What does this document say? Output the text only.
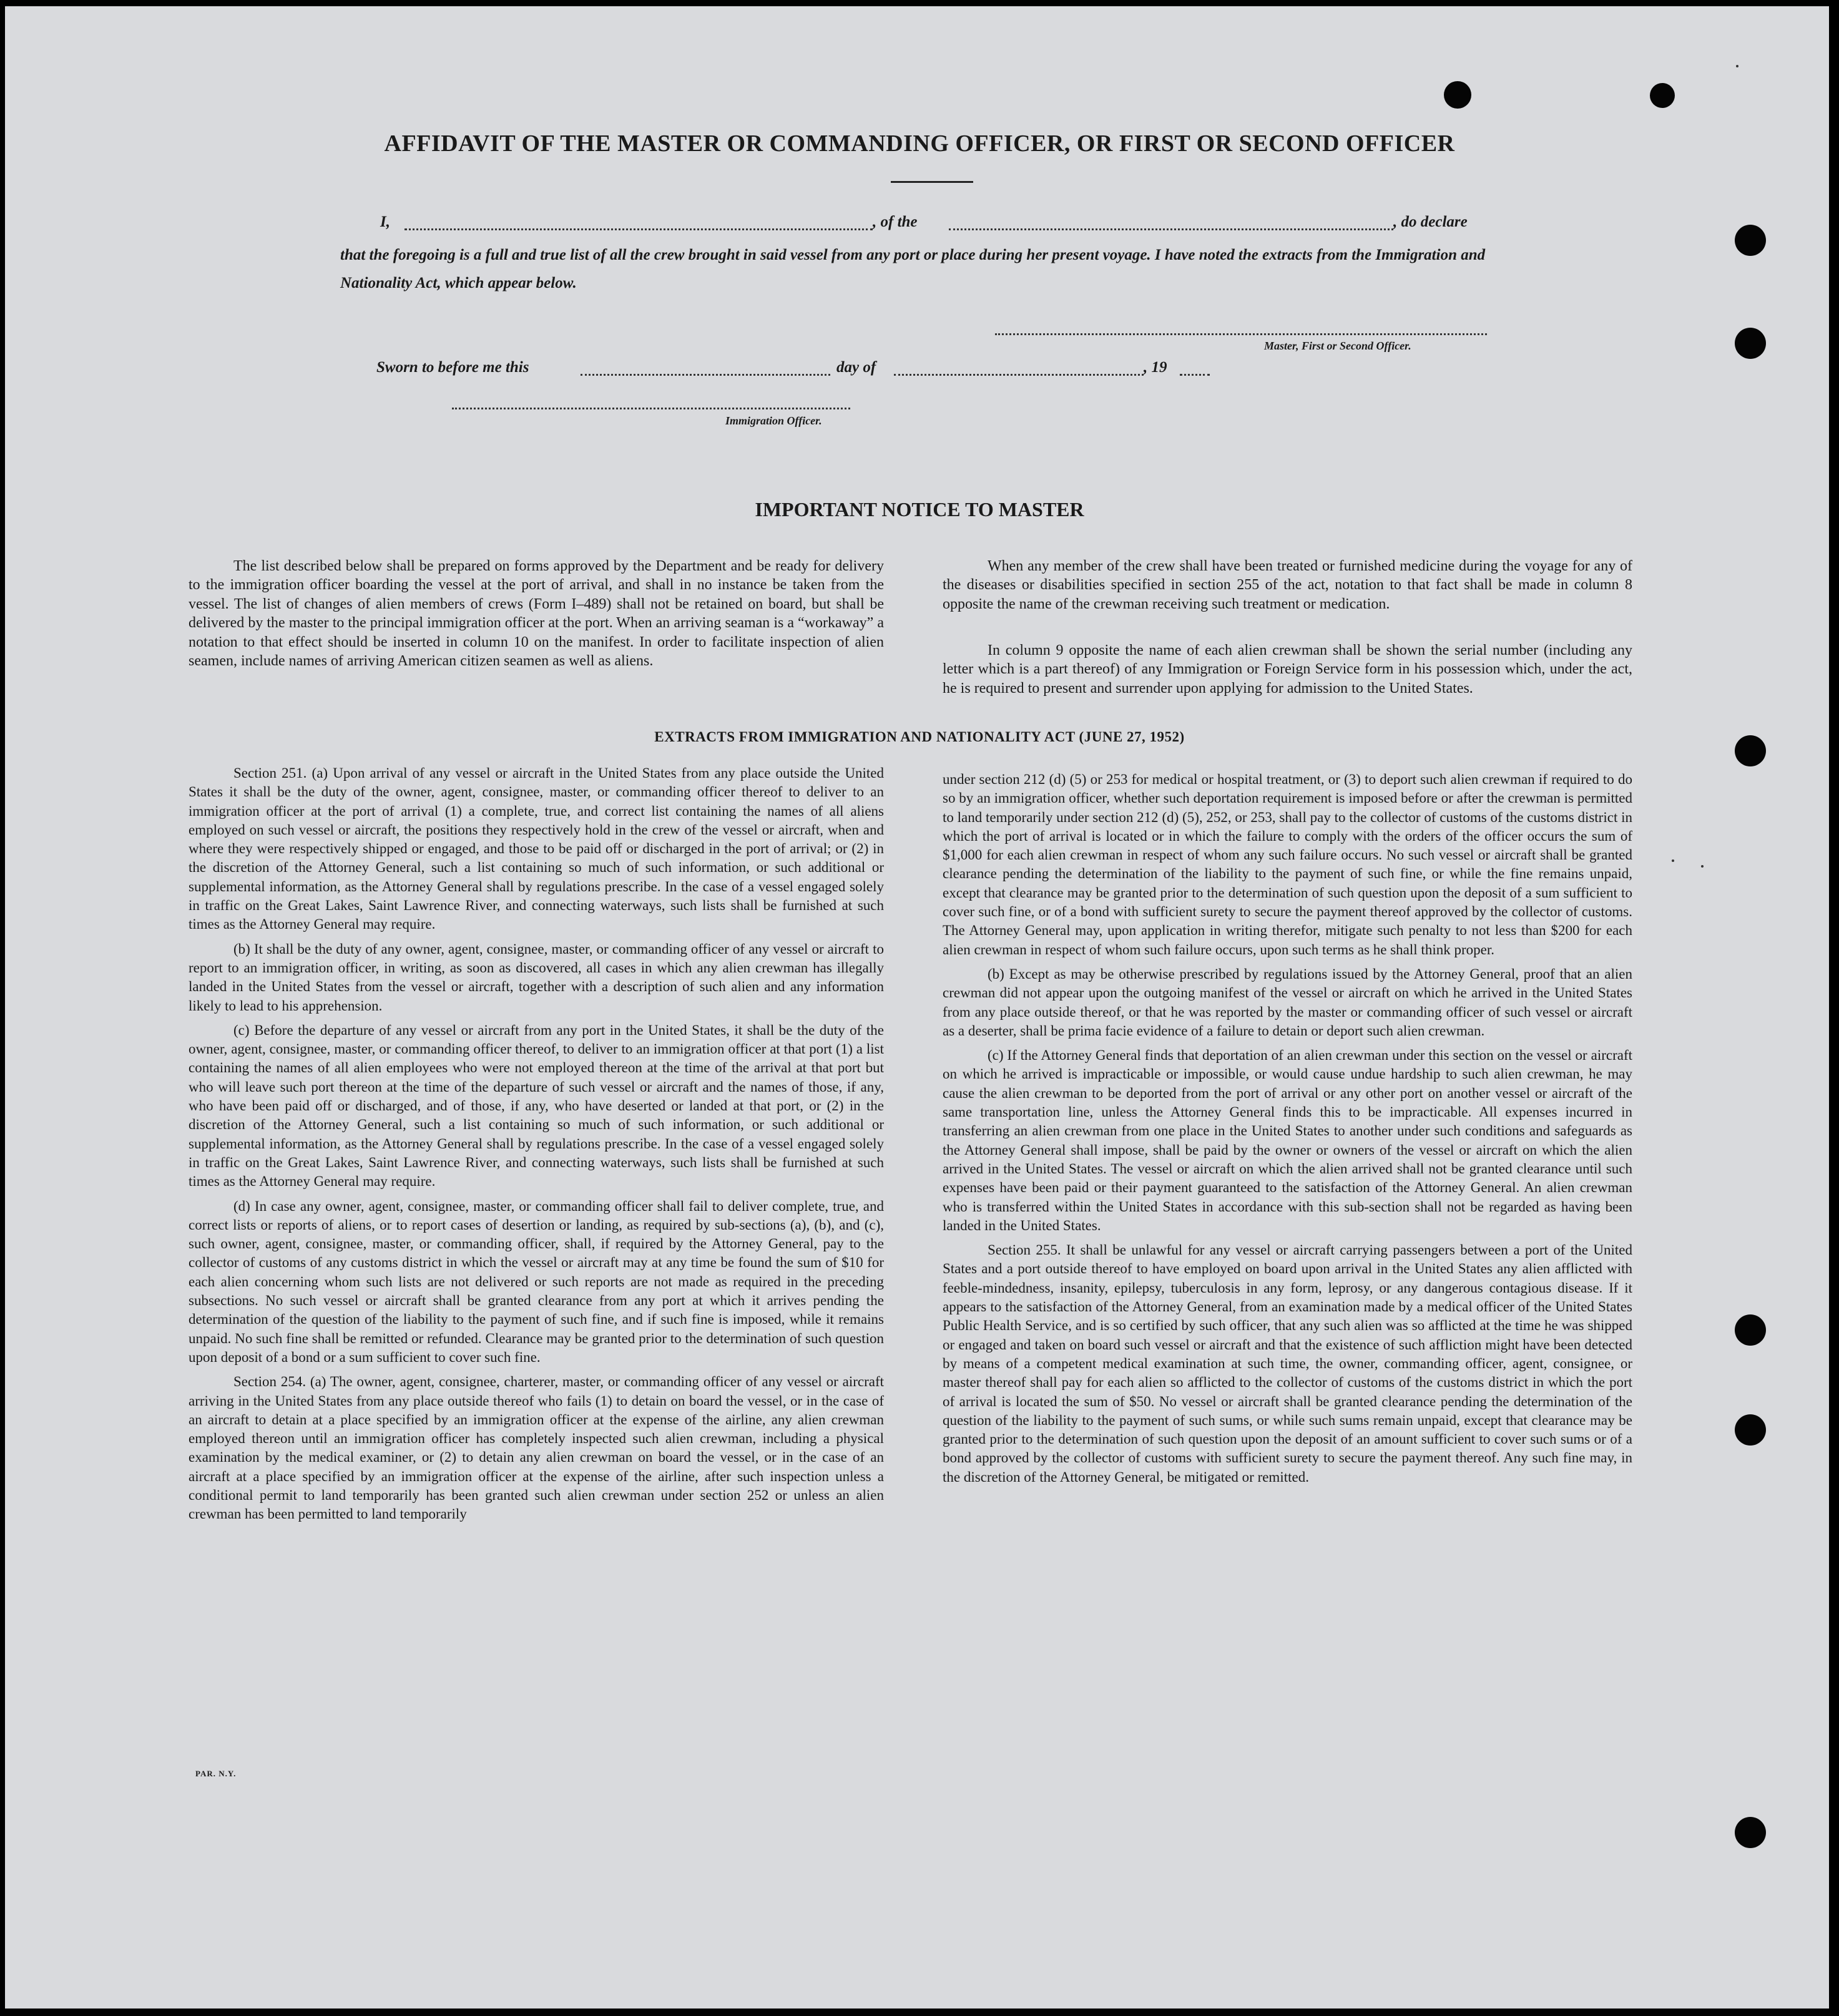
AFFIDAVIT OF THE MASTER OR COMMANDING OFFICER, OR FIRST OR SECOND OFFICER
I,	, of the	, do declare
that the foregoing is a full and true list of all the crew brought in said vessel from any port or place during her present voyage. I have noted the extracts from the Immigration and Nationality Act, which appear below.
Master, First or Second Officer.
Sworn to before me this	day of	, 19
Immigration Officer.
IMPORTANT NOTICE TO MASTER
The list described below shall be prepared on forms approved by the Department and be ready for delivery to the immigration officer boarding the vessel at the port of arrival, and shall in no instance be taken from the vessel. The list of changes of alien members of crews (Form I–489) shall not be retained on board, but shall be delivered by the master to the principal immigration officer at the port. When an arriving seaman is a “workaway” a notation to that effect should be inserted in column 10 on the manifest. In order to facilitate inspection of alien seamen, include names of arriving American citizen seamen as well as aliens.
When any member of the crew shall have been treated or furnished medicine during the voyage for any of the diseases or disabilities specified in section 255 of the act, notation to that fact shall be made in column 8 opposite the name of the crewman receiving such treatment or medication.
In column 9 opposite the name of each alien crewman shall be shown the serial number (including any letter which is a part thereof) of any Immigration or Foreign Service form in his possession which, under the act, he is required to present and surrender upon applying for admission to the United States.
EXTRACTS FROM IMMIGRATION AND NATIONALITY ACT (JUNE 27, 1952)

Section 251. (a) Upon arrival of any vessel or aircraft in the United States from any place outside the United States it shall be the duty of the owner, agent, consignee, master, or commanding officer thereof to deliver to an immigration officer at the port of arrival (1) a complete, true, and correct list containing the names of all aliens employed on such vessel or aircraft, the positions they respectively hold in the crew of the vessel or aircraft, when and where they were respectively shipped or engaged, and those to be paid off or discharged in the port of arrival; or (2) in the discretion of the Attorney General, such a list containing so much of such information, or such additional or supplemental information, as the Attorney General shall by regulations prescribe. In the case of a vessel engaged solely in traffic on the Great Lakes, Saint Lawrence River, and connecting waterways, such lists shall be furnished at such times as the Attorney General may require.

(b) It shall be the duty of any owner, agent, consignee, master, or commanding officer of any vessel or aircraft to report to an immigration officer, in writing, as soon as discovered, all cases in which any alien crewman has illegally landed in the United States from the vessel or aircraft, together with a description of such alien and any information likely to lead to his apprehension.

(c) Before the departure of any vessel or aircraft from any port in the United States, it shall be the duty of the owner, agent, consignee, master, or commanding officer thereof, to deliver to an immigration officer at that port (1) a list containing the names of all alien employees who were not employed thereon at the time of the arrival at that port but who will leave such port thereon at the time of the departure of such vessel or aircraft and the names of those, if any, who have been paid off or discharged, and of those, if any, who have deserted or landed at that port, or (2) in the discretion of the Attorney General, such a list containing so much of such information, or such additional or supplemental information, as the Attorney General shall by regulations prescribe. In the case of a vessel engaged solely in traffic on the Great Lakes, Saint Lawrence River, and connecting waterways, such lists shall be furnished at such times as the Attorney General may require.

(d) In case any owner, agent, consignee, master, or commanding officer shall fail to deliver complete, true, and correct lists or reports of aliens, or to report cases of desertion or landing, as required by sub-sections (a), (b), and (c), such owner, agent, consignee, master, or commanding officer, shall, if required by the Attorney General, pay to the collector of customs of any customs district in which the vessel or aircraft may at any time be found the sum of $10 for each alien concerning whom such lists are not delivered or such reports are not made as required in the preceding subsections. No such vessel or aircraft shall be granted clearance from any port at which it arrives pending the determination of the question of the liability to the payment of such fine, and if such fine is imposed, while it remains unpaid. No such fine shall be remitted or refunded. Clearance may be granted prior to the determination of such question upon deposit of a bond or a sum sufficient to cover such fine.

Section 254. (a) The owner, agent, consignee, charterer, master, or commanding officer of any vessel or aircraft arriving in the United States from any place outside thereof who fails (1) to detain on board the vessel, or in the case of an aircraft to detain at a place specified by an immigration officer at the expense of the airline, any alien crewman employed thereon until an immigration officer has completely inspected such alien crewman, including a physical examination by the medical examiner, or (2) to detain any alien crewman on board the vessel, or in the case of an aircraft at a place specified by an immigration officer at the expense of the airline, after such inspection unless a conditional permit to land temporarily has been granted such alien crewman under section 252 or unless an alien crewman has been permitted to land temporarily

under section 212 (d) (5) or 253 for medical or hospital treatment, or (3) to deport such alien crewman if required to do so by an immigration officer, whether such deportation requirement is imposed before or after the crewman is permitted to land temporarily under section 212 (d) (5), 252, or 253, shall pay to the collector of customs of the customs district in which the port of arrival is located or in which the failure to comply with the orders of the officer occurs the sum of $1,000 for each alien crewman in respect of whom any such failure occurs. No such vessel or aircraft shall be granted clearance pending the determination of the liability to the payment of such fine, or while the fine remains unpaid, except that clearance may be granted prior to the determination of such question upon the deposit of a sum sufficient to cover such fine, or of a bond with sufficient surety to secure the payment thereof approved by the collector of customs. The Attorney General may, upon application in writing therefor, mitigate such penalty to not less than $200 for each alien crewman in respect of whom such failure occurs, upon such terms as he shall think proper.

(b) Except as may be otherwise prescribed by regulations issued by the Attorney General, proof that an alien crewman did not appear upon the outgoing manifest of the vessel or aircraft on which he arrived in the United States from any place outside thereof, or that he was reported by the master or commanding officer of such vessel or aircraft as a deserter, shall be prima facie evidence of a failure to detain or deport such alien crewman.

(c) If the Attorney General finds that deportation of an alien crewman under this section on the vessel or aircraft on which he arrived is impracticable or impossible, or would cause undue hardship to such alien crewman, he may cause the alien crewman to be deported from the port of arrival or any other port on another vessel or aircraft of the same transportation line, unless the Attorney General finds this to be impracticable. All expenses incurred in transferring an alien crewman from one place in the United States to another under such conditions and safeguards as the Attorney General shall impose, shall be paid by the owner or owners of the vessel or aircraft on which the alien arrived in the United States. The vessel or aircraft on which the alien arrived shall not be granted clearance until such expenses have been paid or their payment guaranteed to the satisfaction of the Attorney General. An alien crewman who is transferred within the United States in accordance with this sub-section shall not be regarded as having been landed in the United States.

Section 255. It shall be unlawful for any vessel or aircraft carrying passengers between a port of the United States and a port outside thereof to have employed on board upon arrival in the United States any alien afflicted with feeble-mindedness, insanity, epilepsy, tuberculosis in any form, leprosy, or any dangerous contagious disease. If it appears to the satisfaction of the Attorney General, from an examination made by a medical officer of the United States Public Health Service, and is so certified by such officer, that any such alien was so afflicted at the time he was shipped or engaged and taken on board such vessel or aircraft and that the existence of such affliction might have been detected by means of a competent medical examination at such time, the owner, commanding officer, agent, consignee, or master thereof shall pay for each alien so afflicted to the collector of customs of the customs district in which the port of arrival is located the sum of $50. No vessel or aircraft shall be granted clearance pending the determination of the question of the liability to the payment of such sums, or while such sums remain unpaid, except that clearance may be granted prior to the determination of such question upon the deposit of an amount sufficient to cover such sums or of a bond approved by the collector of customs with sufficient surety to secure the payment thereof. Any such fine may, in the discretion of the Attorney General, be mitigated or remitted.

PAR. N.Y.
